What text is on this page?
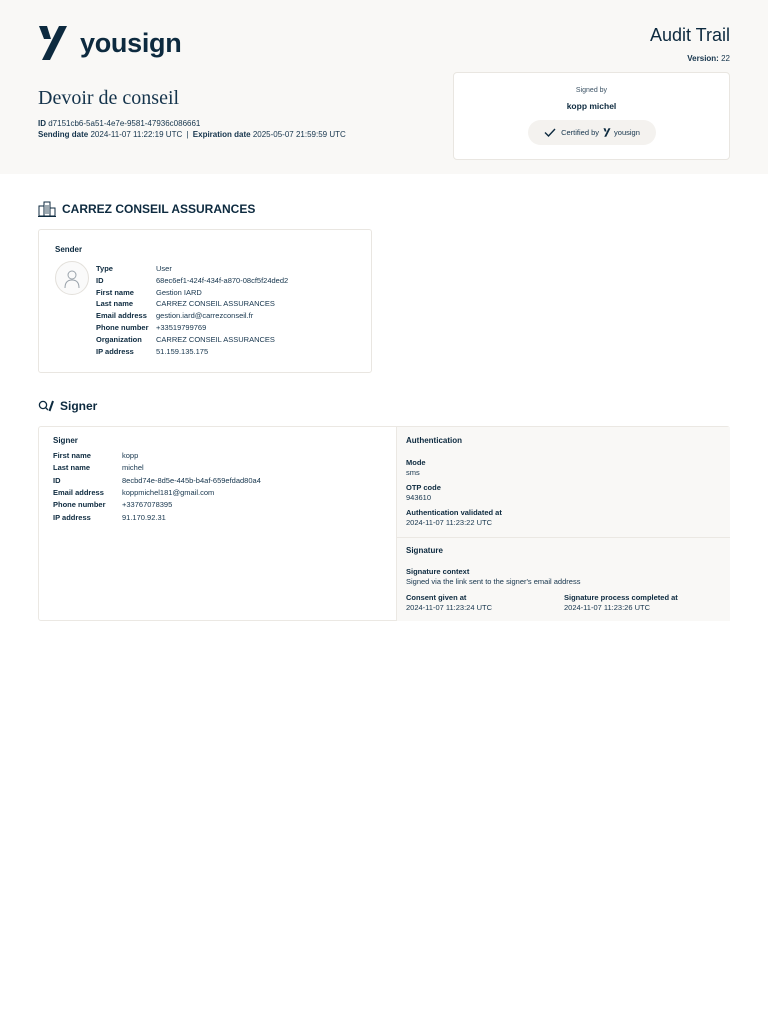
yousign
Devoir de conseil
ID d7151cb6-5a51-4e7e-9581-47936c086661
Sending date 2024-11-07 11:22:19 UTC | Expiration date 2025-05-07 21:59:59 UTC
Audit Trail
Version: 22
Signed by
kopp michel
Certified by yousign
CARREZ CONSEIL ASSURANCES
Sender
Type	User
ID	68ec6ef1-424f-434f-a870-08cf5f24ded2
First name	Gestion IARD
Last name	CARREZ CONSEIL ASSURANCES
Email address gestion.iard@carrezconseil.fr
Phone number +33519799769
Organization CARREZ CONSEIL ASSURANCES
IP address	51.159.135.175
Signer
Signer
First name	kopp
Last name	michel
ID	8ecbd74e-8d5e-445b-b4af-659efdad80a4
Email address koppmichel181@gmail.com
Phone number +33767078395
IP address	91.170.92.31
Authentication
Mode
sms
OTP code
943610
Authentication validated at
2024-11-07 11:23:22 UTC
Signature
Signature context
Signed via the link sent to the signer's email address
Consent given at
2024-11-07 11:23:24 UTC
Signature process completed at
2024-11-07 11:23:26 UTC
